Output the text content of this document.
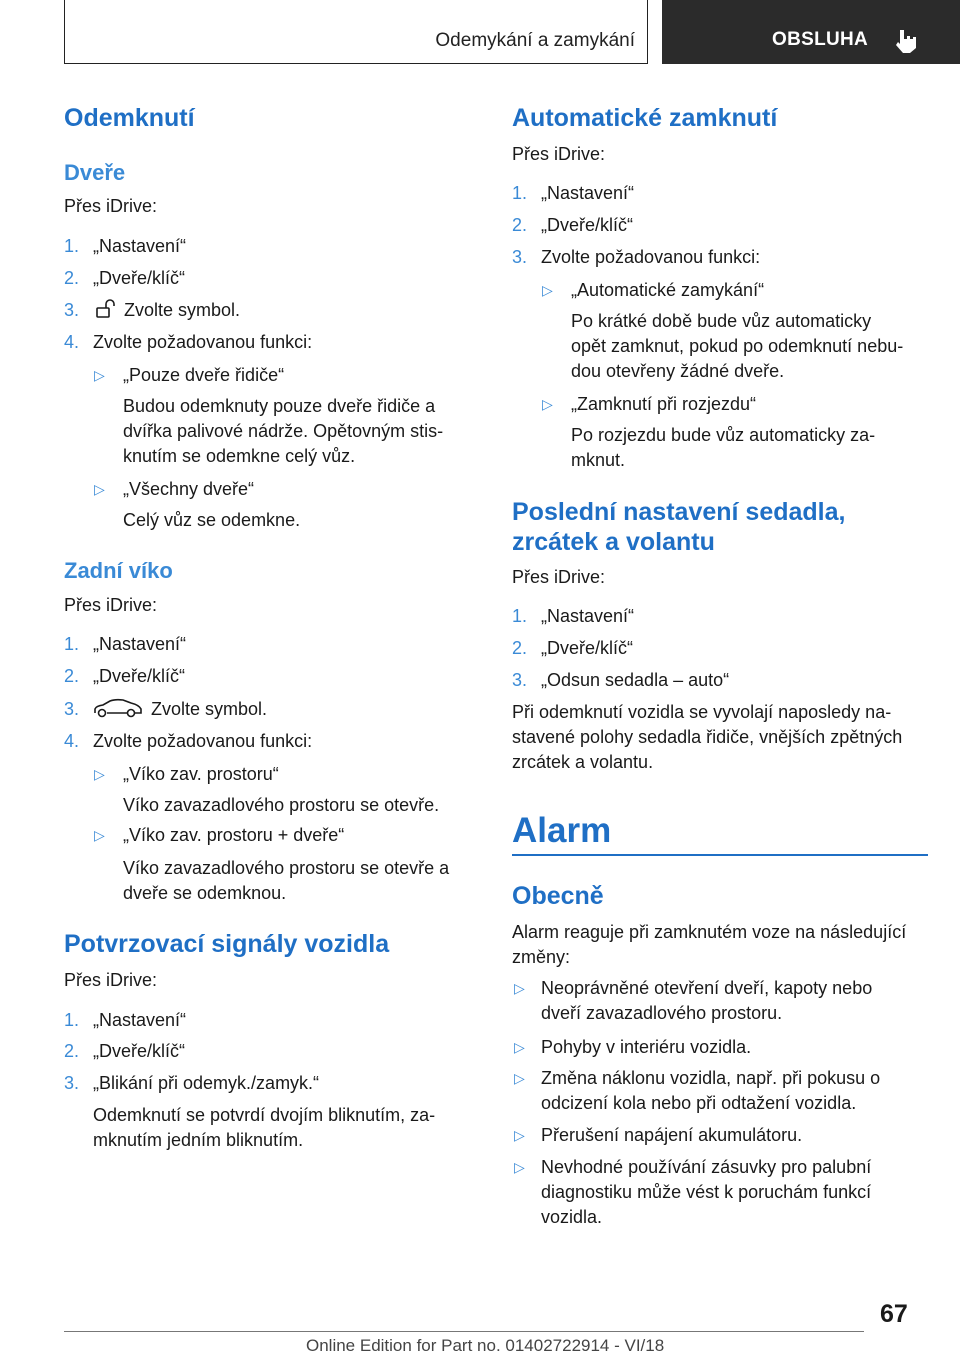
Odemykání a zamykání	OBSLUHA
Odemknutí
Dveře
Přes iDrive:
1. „Nastavení“
2. „Dveře/klíč“
3. Zvolte symbol.
4. Zvolte požadovanou funkci:
▷ „Pouze dveře řidiče“
Budou odemknuty pouze dveře řidiče a
dvířka palivové nádrže. Opětovným stis-
knutím se odemkne celý vůz.
▷ „Všechny dveře“
Celý vůz se odemkne.
Zadní víko
Přes iDrive:
1. „Nastavení“
2. „Dveře/klíč“
3.	Zvolte symbol.
4. Zvolte požadovanou funkci:
▷ „Víko zav. prostoru“
Víko zavazadlového prostoru se otevře.
▷ „Víko zav. prostoru + dveře“
Víko zavazadlového prostoru se otevře a
dveře se odemknou.
Potvrzovací signály vozidla
Přes iDrive:
1. „Nastavení“
2. „Dveře/klíč“
3. „Blikání při odemyk./zamyk.“
Odemknutí se potvrdí dvojím bliknutím, za-
mknutím jedním bliknutím.
Automatické zamknutí
Přes iDrive:
1. „Nastavení“
2. „Dveře/klíč“
3. Zvolte požadovanou funkci:
▷ „Automatické zamykání“
Po krátké době bude vůz automaticky
opět zamknut, pokud po odemknutí nebu-
dou otevřeny žádné dveře.
▷ „Zamknutí při rozjezdu“
Po rozjezdu bude vůz automaticky za-
mknut.
Poslední nastavení sedadla,
zrcátek a volantu
Přes iDrive:
1. „Nastavení“
2. „Dveře/klíč“
3. „Odsun sedadla – auto“
Při odemknutí vozidla se vyvolají naposledy na-
stavené polohy sedadla řidiče, vnějších zpětných
zrcátek a volantu.
Alarm
Obecně
Alarm reaguje při zamknutém voze na následující
změny:
▷ Neoprávněné otevření dveří, kapoty nebo
dveří zavazadlového prostoru.
▷ Pohyby v interiéru vozidla.
▷ Změna náklonu vozidla, např. při pokusu o
odcizení kola nebo při odtažení vozidla.
▷ Přerušení napájení akumulátoru.
▷ Nevhodné používání zásuvky pro palubní
diagnostiku může vést k poruchám funkcí
vozidla.
67
Online Edition for Part no. 01402722914 - VI/18
